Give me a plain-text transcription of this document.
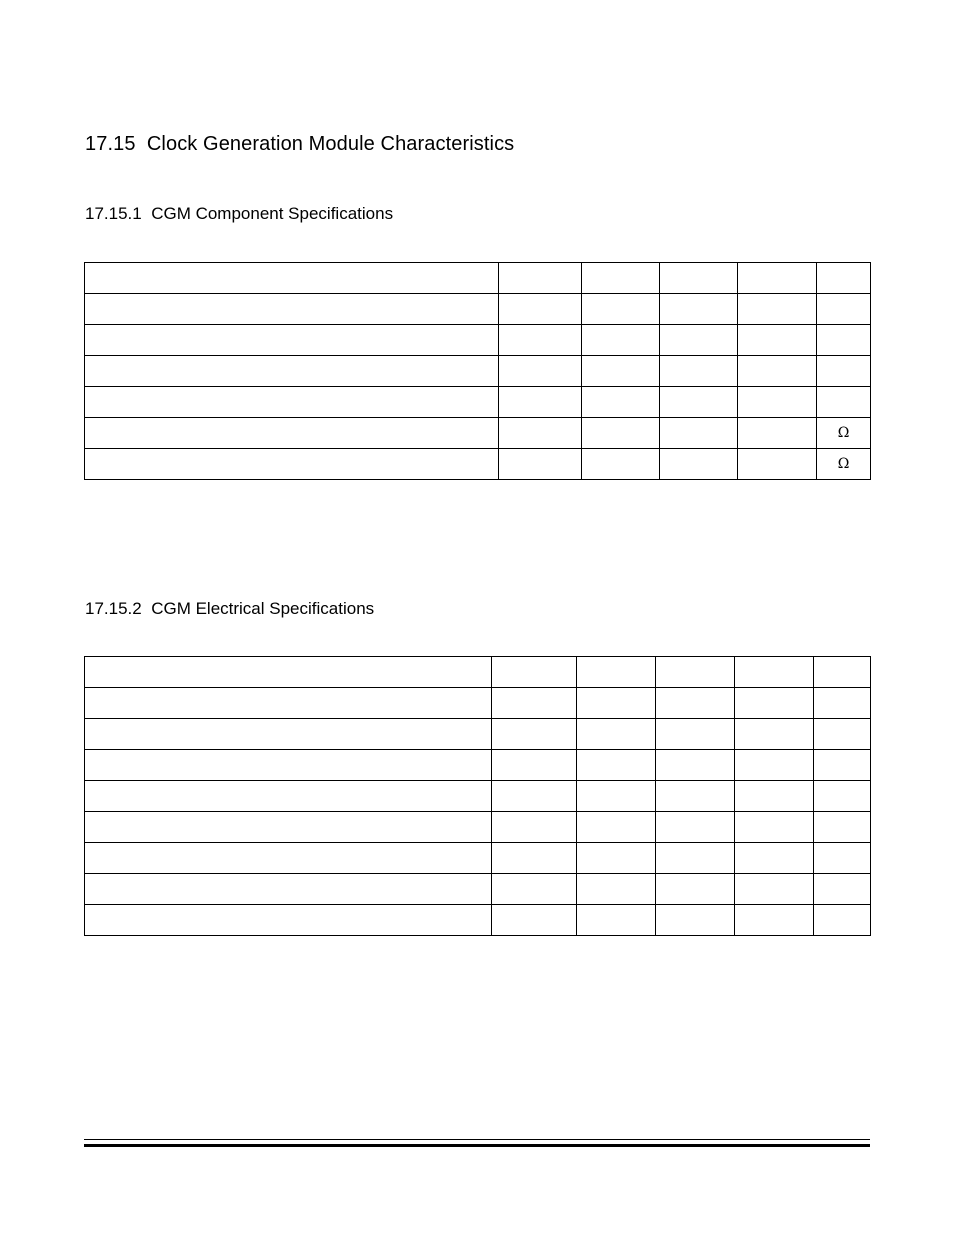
17.15 Clock Generation Module Characteristics
17.15.1 CGM Component Specifications

					Ω
					Ω
17.15.2 CGM Electrical Specifications
